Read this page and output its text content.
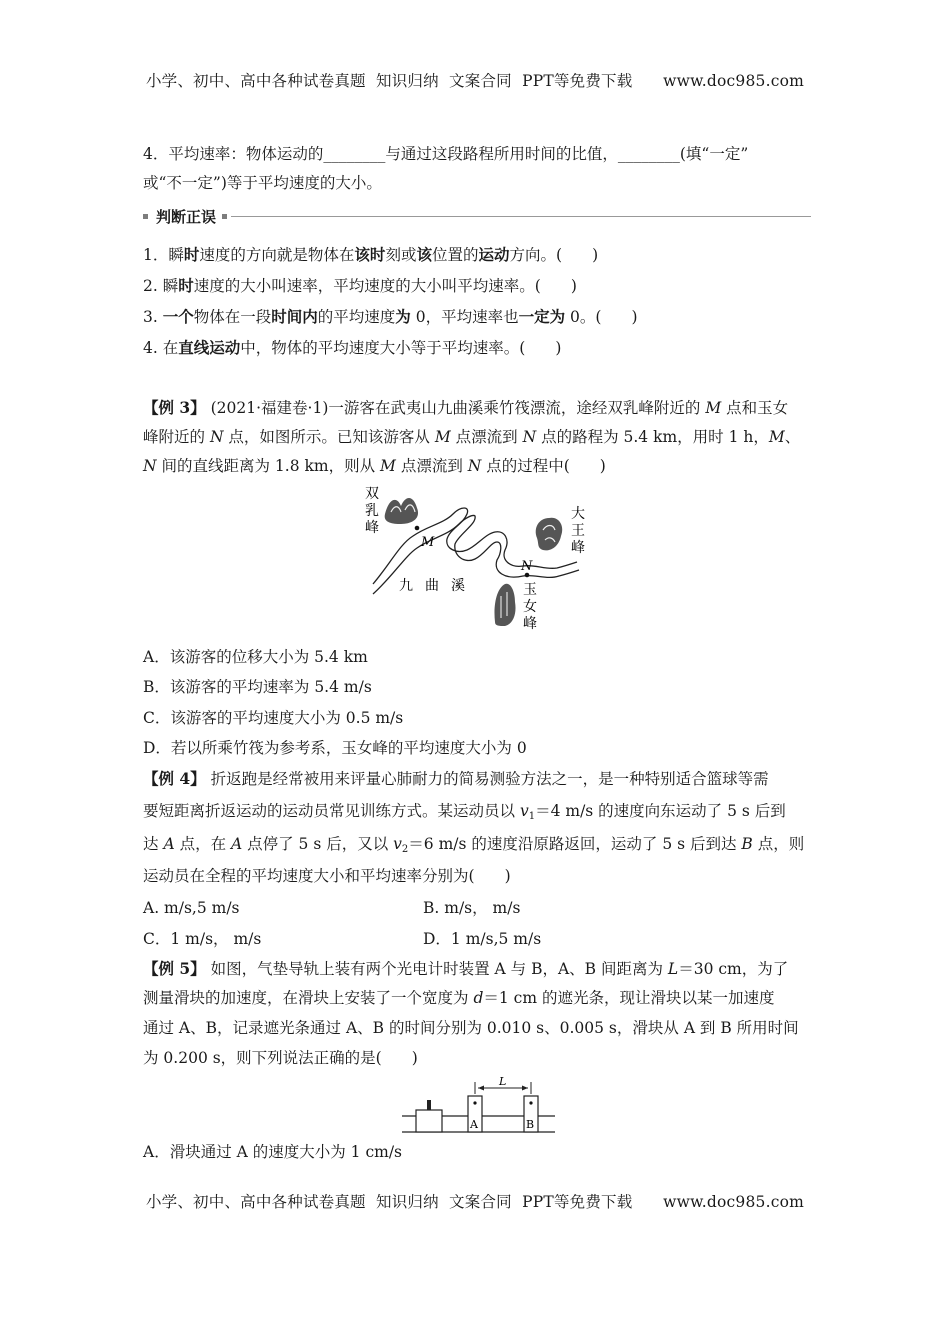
小学、初中、高中各种试卷真题  知识归纳  文案合同  PPT等免费下载      www.doc985.com
4．平均速率：物体运动的________与通过这段路程所用时间的比值，________(填“一定”
或“不一定”)等于平均速度的大小。
判断正误
1．瞬时速度的方向就是物体在该时刻或该位置的运动方向。( )
2. 瞬时速度的大小叫速率，平均速度的大小叫平均速率。( )
3. 一个物体在一段时间内的平均速度为 0，平均速率也一定为 0。( )
4. 在直线运动中，物体的平均速度大小等于平均速率。( )
【例 3】 (2021·福建卷·1)一游客在武夷山九曲溪乘竹筏漂流，途经双乳峰附近的 M 点和玉女
峰附近的 N 点，如图所示。已知该游客从 M 点漂流到 N 点的路程为 5.4 km，用时 1 h，M、
N 间的直线距离为 1.8 km，则从 M 点漂流到 N 点的过程中( )
双
乳
峰
大
王
峰
玉
女
峰
九 曲 溪
M
N
A．该游客的位移大小为 5.4 km
B．该游客的平均速率为 5.4 m/s
C．该游客的平均速度大小为 0.5 m/s
D．若以所乘竹筏为参考系，玉女峰的平均速度大小为 0
【例 4】 折返跑是经常被用来评量心肺耐力的简易测验方法之一，是一种特别适合篮球等需
要短距离折返运动的运动员常见训练方式。某运动员以 $v_1=4$ m/s 的速度向东运动了 5 s 后到
达 A 点，在 A 点停了 5 s 后，又以 $v_2=6$ m/s 的速度沿原路返回，运动了 5 s 后到达 B 点，则
运动员在全程的平均速度大小和平均速率分别为( )
A. m/s,5 m/s	B. m/s， m/s
C．1 m/s， m/s	D．1 m/s,5 m/s
【例 5】 如图，气垫导轨上装有两个光电计时装置 A 与 B，A、B 间距离为 L＝30 cm，为了
测量滑块的加速度，在滑块上安装了一个宽度为 d＝1 cm 的遮光条，现让滑块以某一加速度
通过 A、B，记录遮光条通过 A、B 的时间分别为 0.010 s、0.005 s，滑块从 A 到 B 所用时间
为 0.200 s，则下列说法正确的是( )
L
A	B
A．滑块通过 A 的速度大小为 1 cm/s
小学、初中、高中各种试卷真题  知识归纳  文案合同  PPT等免费下载      www.doc985.com
